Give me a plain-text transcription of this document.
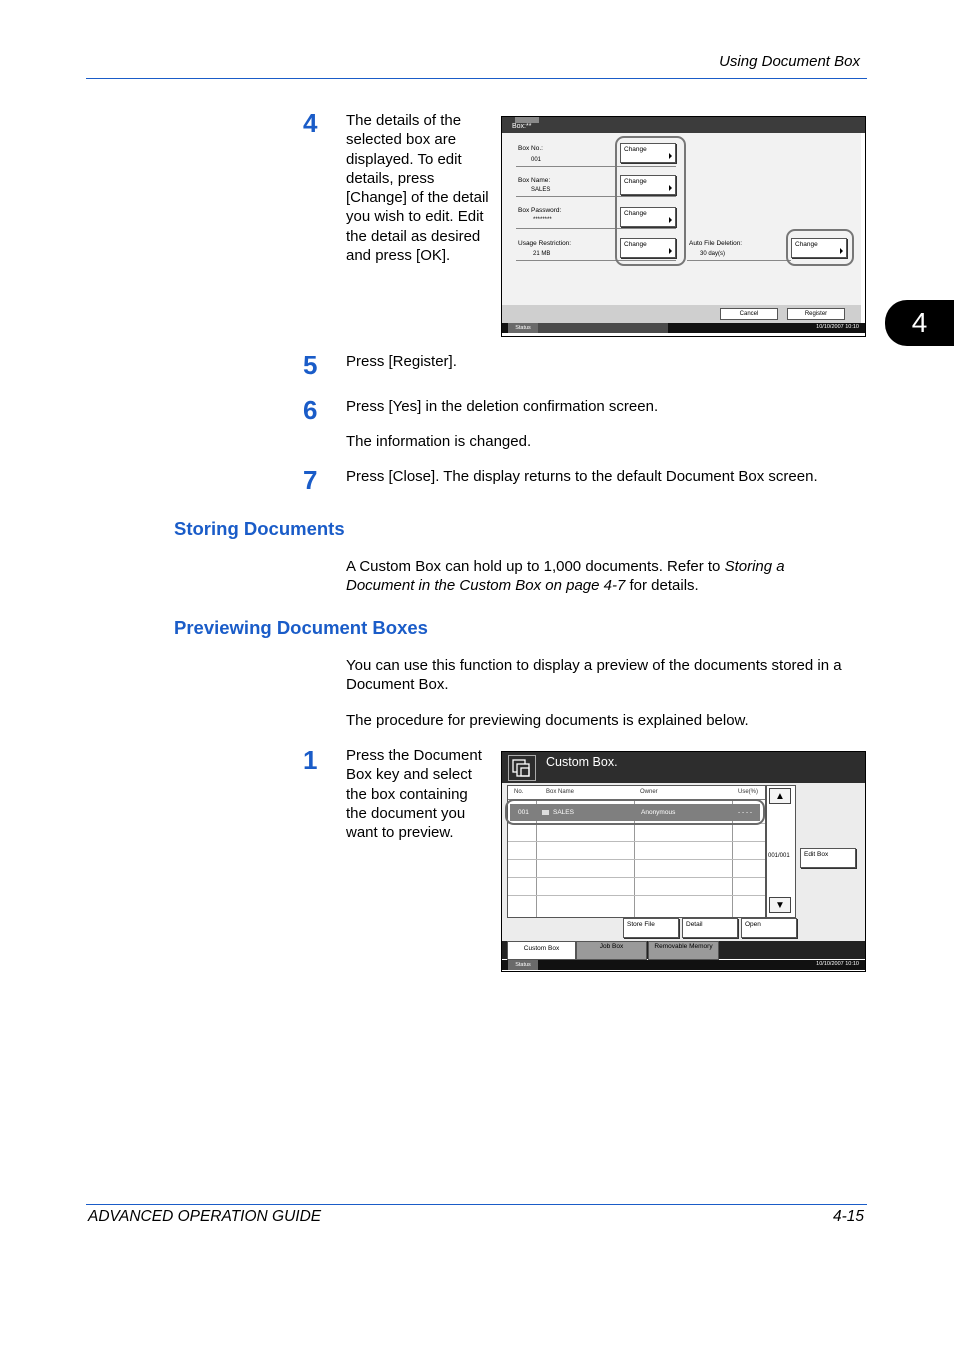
Using Document Box
4
4 The details of the selected box are displayed. To edit details, press [Change] of the detail you wish to edit. Edit the detail as desired and press [OK].
Box:**
Box No.:
001
Box Name:
SALES
Box Password:
********
Usage Restriction:
21 MB
Auto File Deletion:
30 day(s)
Change
Change
Change
Change	Change
Cancel	Register
Status	10/10/2007 10:10
5 Press [Register].
6 Press [Yes] in the deletion confirmation screen.
The information is changed.
7 Press [Close]. The display returns to the default Document Box screen.
Storing Documents
A Custom Box can hold up to 1,000 documents. Refer to Storing a Document in the Custom Box on page 4-7 for details.
Previewing Document Boxes
You can use this function to display a preview of the documents stored in a Document Box.
The procedure for previewing documents is explained below.
1 Press the Document Box key and select the box containing the document you want to preview.
Custom Box.
No.	Box Name	Owner	Use(%)
001	SALES	Anonymous	- - - -
▲
001/001
▼
Edit Box
Store File	Detail	Open
Custom Box	Job Box	Removable Memory
Status	10/10/2007 10:10
ADVANCED OPERATION GUIDE	4-15
